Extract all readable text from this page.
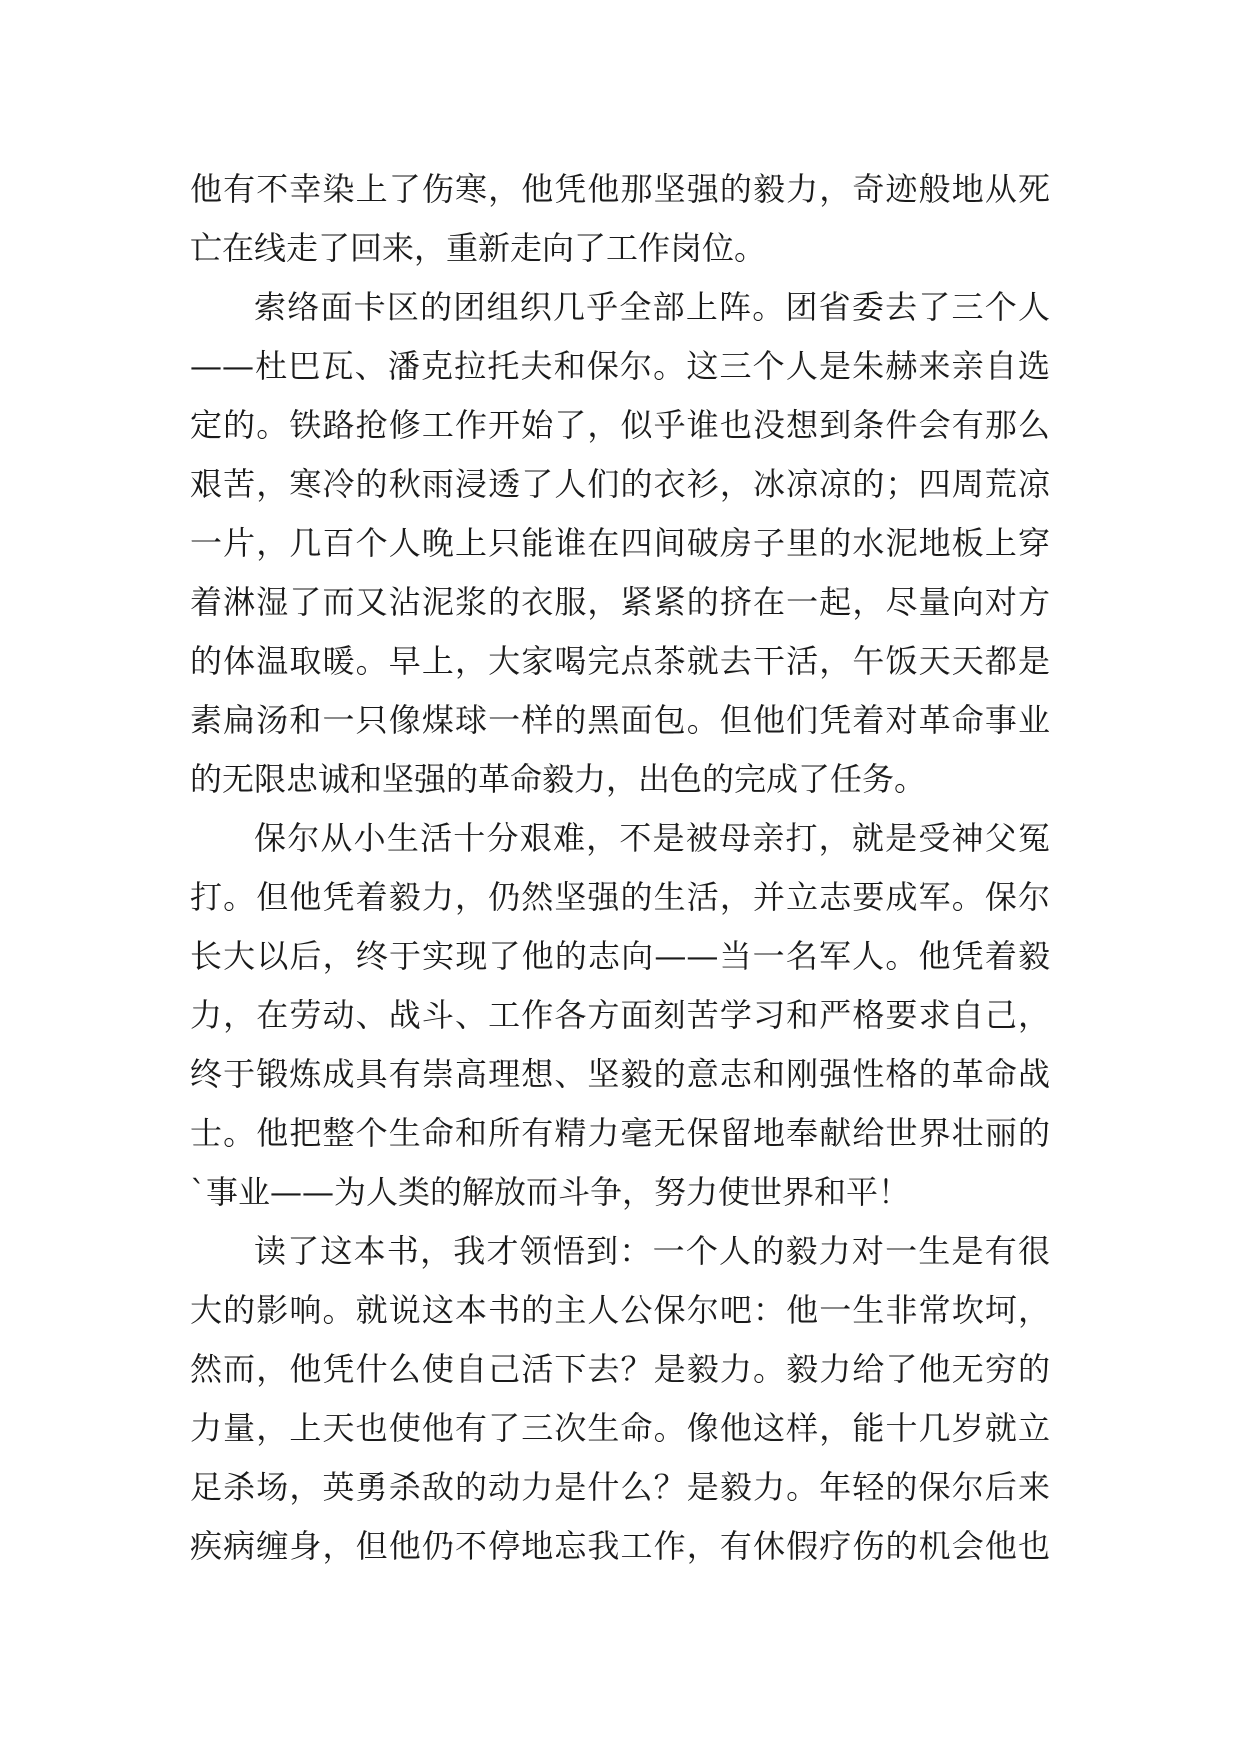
他有不幸染上了伤寒，他凭他那坚强的毅力，奇迹般地从死
亡在线走了回来，重新走向了工作岗位。
索络面卡区的团组织几乎全部上阵。团省委去了三个人
——杜巴瓦、潘克拉托夫和保尔。这三个人是朱赫来亲自选
定的。铁路抢修工作开始了，似乎谁也没想到条件会有那么
艰苦，寒冷的秋雨浸透了人们的衣衫，冰凉凉的；四周荒凉
一片，几百个人晚上只能谁在四间破房子里的水泥地板上穿
着淋湿了而又沾泥浆的衣服，紧紧的挤在一起，尽量向对方
的体温取暖。早上，大家喝完点茶就去干活，午饭天天都是
素扁汤和一只像煤球一样的黑面包。但他们凭着对革命事业
的无限忠诚和坚强的革命毅力，出色的完成了任务。
保尔从小生活十分艰难，不是被母亲打，就是受神父冤
打。但他凭着毅力，仍然坚强的生活，并立志要成军。保尔
长大以后，终于实现了他的志向——当一名军人。他凭着毅
力，在劳动、战斗、工作各方面刻苦学习和严格要求自己，
终于锻炼成具有崇高理想、坚毅的意志和刚强性格的革命战
士。他把整个生命和所有精力毫无保留地奉献给世界壮丽的
`事业——为人类的解放而斗争，努力使世界和平！
读了这本书，我才领悟到：一个人的毅力对一生是有很
大的影响。就说这本书的主人公保尔吧：他一生非常坎坷，
然而，他凭什么使自己活下去？是毅力。毅力给了他无穷的
力量，上天也使他有了三次生命。像他这样，能十几岁就立
足杀场，英勇杀敌的动力是什么？是毅力。年轻的保尔后来
疾病缠身，但他仍不停地忘我工作，有休假疗伤的机会他也
